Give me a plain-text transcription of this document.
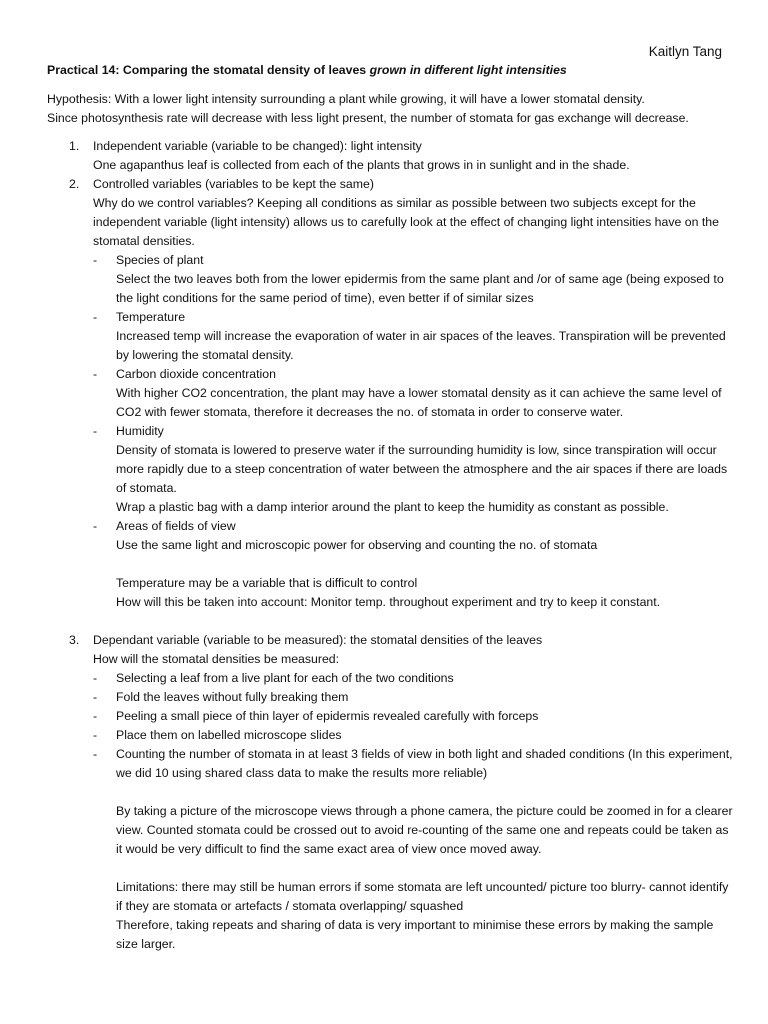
Kaitlyn Tang
Practical 14: Comparing the stomatal density of leaves grown in different light intensities
Hypothesis: With a lower light intensity surrounding a plant while growing, it will have a lower stomatal density.
Since photosynthesis rate will decrease with less light present, the number of stomata for gas exchange will decrease.
1.	Independent variable (variable to be changed): light intensity
One agapanthus leaf is collected from each of the plants that grows in in sunlight and in the shade.
2.	Controlled variables (variables to be kept the same)
Why do we control variables? Keeping all conditions as similar as possible between two subjects except for the independent variable (light intensity) allows us to carefully look at the effect of changing light intensities have on the stomatal densities.
-	Species of plant
Select the two leaves both from the lower epidermis from the same plant and /or of same age (being exposed to the light conditions for the same period of time), even better if of similar sizes
-	Temperature
Increased temp will increase the evaporation of water in air spaces of the leaves. Transpiration will be prevented by lowering the stomatal density.
-	Carbon dioxide concentration
With higher CO2 concentration, the plant may have a lower stomatal density as it can achieve the same level of CO2 with fewer stomata, therefore it decreases the no. of stomata in order to conserve water.
-	Humidity
Density of stomata is lowered to preserve water if the surrounding humidity is low, since transpiration will occur more rapidly due to a steep concentration of water between the atmosphere and the air spaces if there are loads of stomata.
Wrap a plastic bag with a damp interior around the plant to keep the humidity as constant as possible.
-	Areas of fields of view
Use the same light and microscopic power for observing and counting the no. of stomata
Temperature may be a variable that is difficult to control
How will this be taken into account: Monitor temp. throughout experiment and try to keep it constant.
3.	Dependant variable (variable to be measured): the stomatal densities of the leaves
How will the stomatal densities be measured:
-	Selecting a leaf from a live plant for each of the two conditions
-	Fold the leaves without fully breaking them
-	Peeling a small piece of thin layer of epidermis revealed carefully with forceps
-	Place them on labelled microscope slides
-	Counting the number of stomata in at least 3 fields of view in both light and shaded conditions (In this experiment, we did 10 using shared class data to make the results more reliable)
By taking a picture of the microscope views through a phone camera, the picture could be zoomed in for a clearer view. Counted stomata could be crossed out to avoid re-counting of the same one and repeats could be taken as it would be very difficult to find the same exact area of view once moved away.
Limitations: there may still be human errors if some stomata are left uncounted/ picture too blurry- cannot identify if they are stomata or artefacts / stomata overlapping/ squashed
Therefore, taking repeats and sharing of data is very important to minimise these errors by making the sample size larger.
